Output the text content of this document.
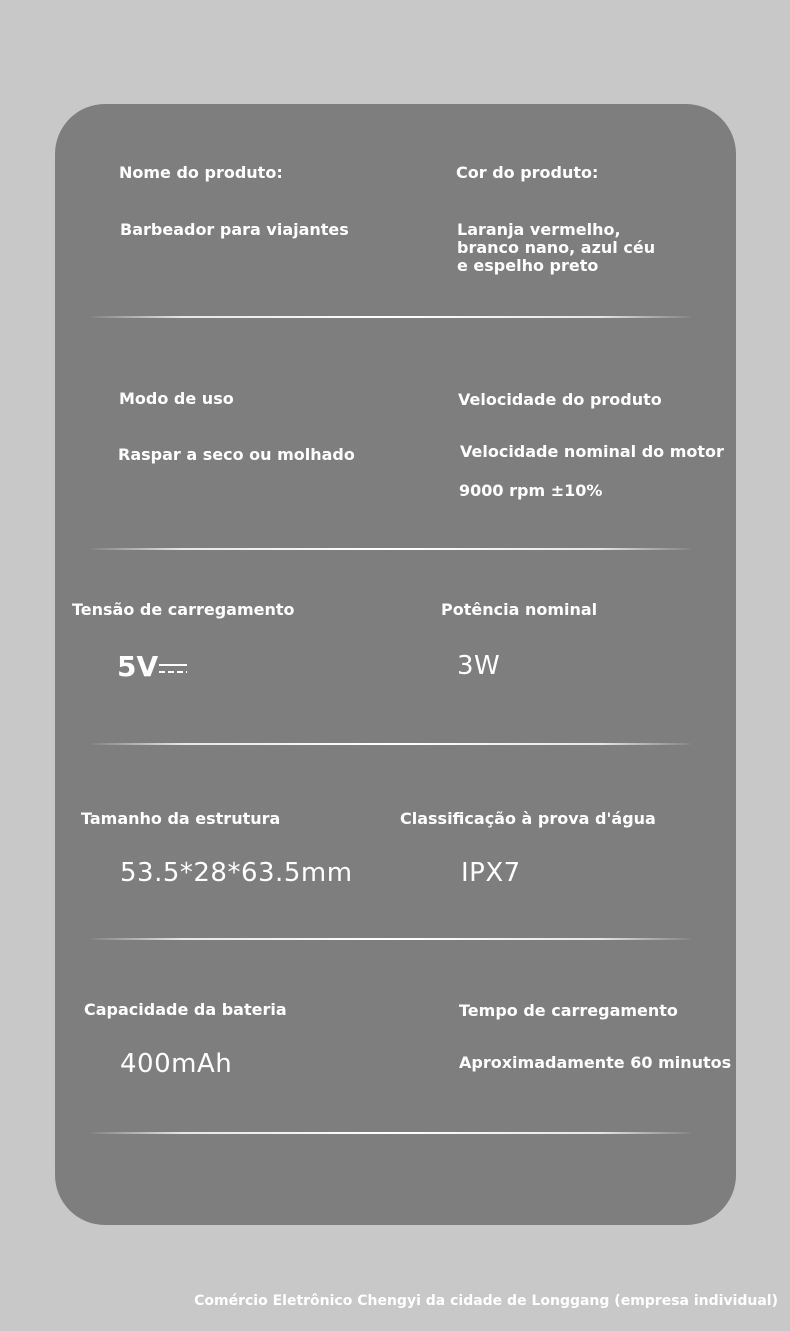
Nome do produto:
Barbeador para viajantes
Cor do produto:
Laranja vermelho, branco nano, azul céu e espelho preto
Modo de uso
Raspar a seco ou molhado
Velocidade do produto
Velocidade nominal do motor
9000 rpm ±10%
Tensão de carregamento
5V
Potência nominal
3W
Tamanho da estrutura
53.5*28*63.5mm
Classificação à prova d'água
IPX7
Capacidade da bateria
400mAh
Tempo de carregamento
Aproximadamente 60 minutos
Comércio Eletrônico Chengyi da cidade de Longgang (empresa individual)
